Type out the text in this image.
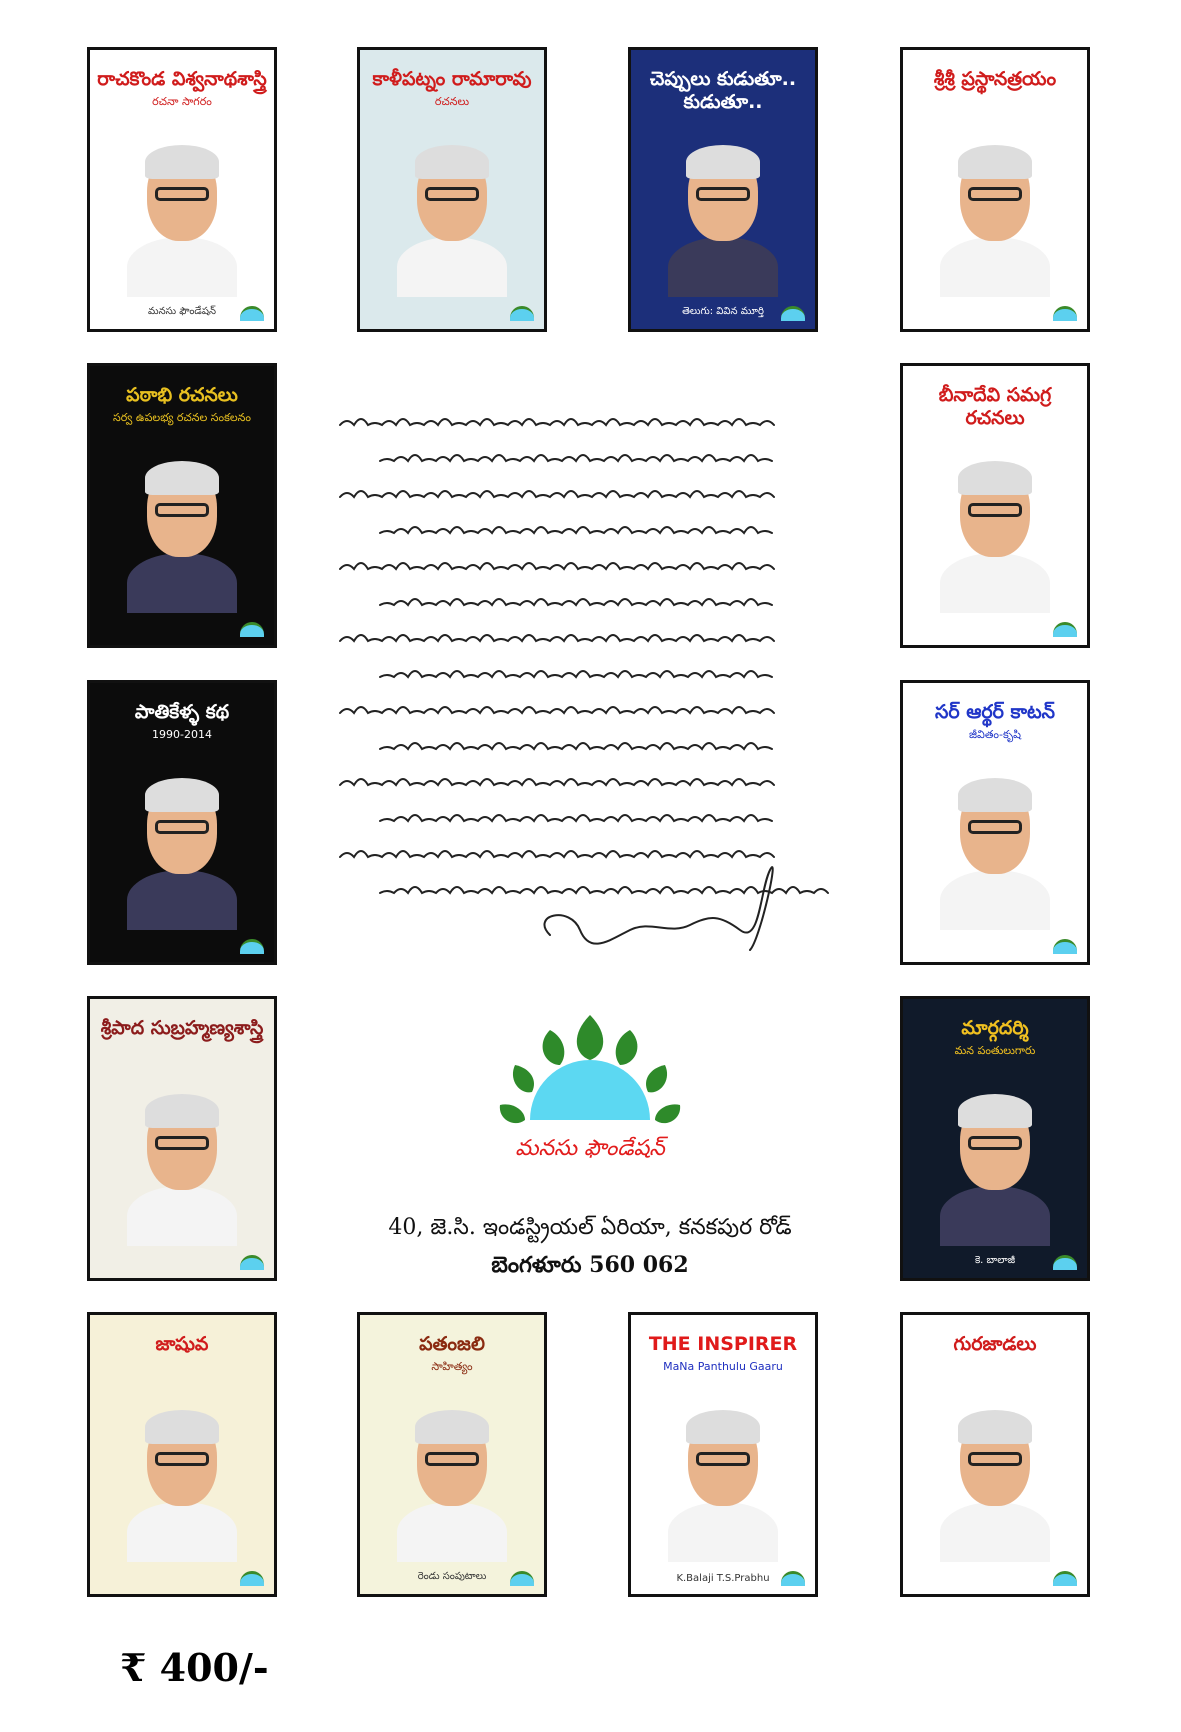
రాచకొండ విశ్వనాథశాస్త్రి
రచనా సాగరం
మనసు ఫౌండేషన్
కాళీపట్నం రామారావు
రచనలు
చెప్పులు కుడుతూ.. కుడుతూ..
తెలుగు: వివిన మూర్తి
శ్రీశ్రీ ప్రస్థానత్రయం
పఠాభి రచనలు
సర్వ ఉపలభ్య రచనల సంకలనం
బీనాదేవి సమగ్ర రచనలు
పాతికేళ్ళ కథ
1990-2014
సర్ ఆర్థర్ కాటన్
జీవితం-కృషి
శ్రీపాద సుబ్రహ్మణ్యశాస్త్రి	మార్గదర్శి
మన పంతులుగారు
కె. బాలాజీ
జాషువ	పతంజలి
సాహిత్యం
రెండు సంపుటాలు
THE INSPIRER
MaNa Panthulu Gaaru
K.Balaji T.S.Prabhu
గురజాడలు
మనసు ఫౌండేషన్
40, జె.సి. ఇండస్ట్రియల్ ఏరియా, కనకపుర రోడ్
బెంగళూరు 560 062
₹ 400/-
